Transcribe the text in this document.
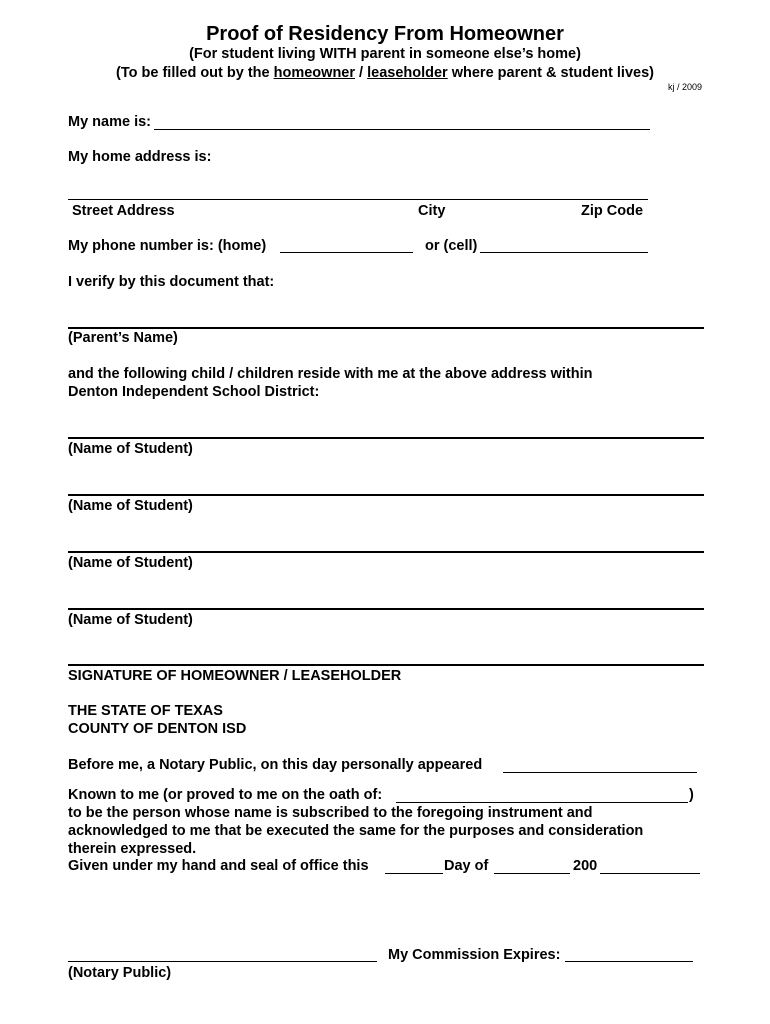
Proof of Residency From Homeowner
(For student living WITH parent in someone else’s home)
(To be filled out by the homeowner / leaseholder where parent & student lives)
kj / 2009
My name is:
My home address is:
Street Address	City	Zip Code
My phone number is: (home)	or (cell)
I verify by this document that:
(Parent’s Name)
and the following child / children reside with me at the above address within
Denton Independent School District:
(Name of Student)
(Name of Student)
(Name of Student)
(Name of Student)
SIGNATURE OF HOMEOWNER / LEASEHOLDER
THE STATE OF TEXAS
COUNTY OF DENTON ISD
Before me, a Notary Public, on this day personally appeared
Known to me (or proved to me on the oath of:	)
to be the person whose name is subscribed to the foregoing instrument and
acknowledged to me that be executed the same for the purposes and consideration
therein expressed.
Given under my hand and seal of office this	Day of	200
My Commission Expires:
(Notary Public)
